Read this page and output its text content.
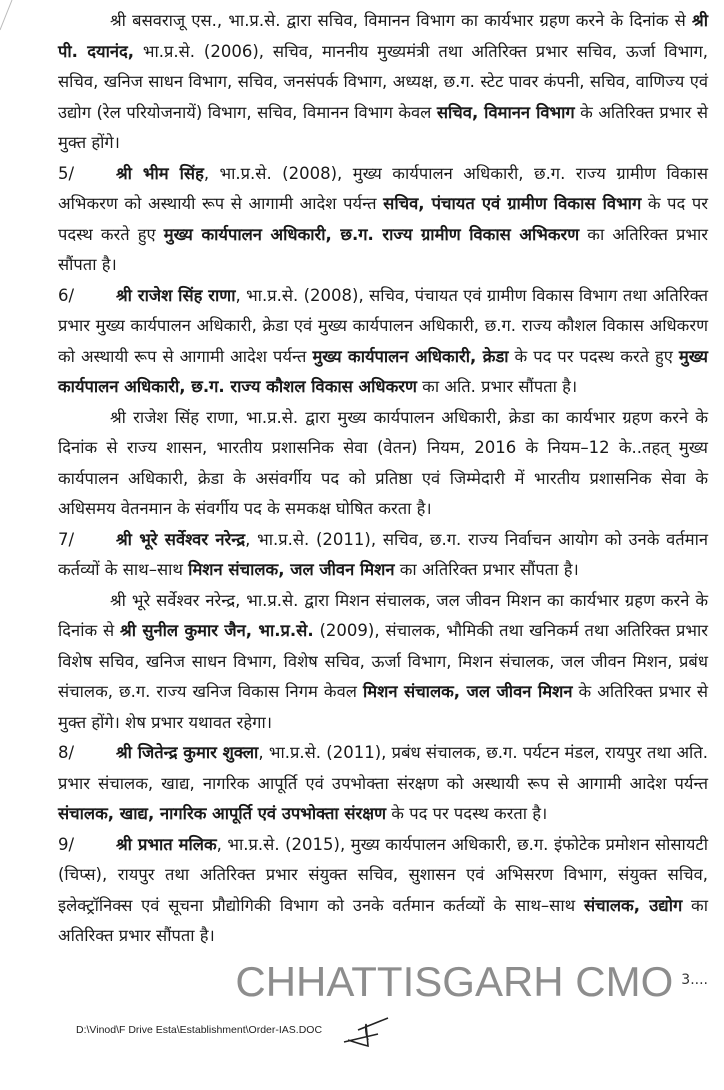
श्री बसवराजू एस., भा.प्र.से. द्वारा सचिव, विमानन विभाग का कार्यभार ग्रहण करने के दिनांक से श्री पी. दयानंद, भा.प्र.से. (2006), सचिव, माननीय मुख्यमंत्री तथा अतिरिक्त प्रभार सचिव, ऊर्जा विभाग, सचिव, खनिज साधन विभाग, सचिव, जनसंपर्क विभाग, अध्यक्ष, छ.ग. स्टेट पावर कंपनी, सचिव, वाणिज्य एवं उद्योग (रेल परियोजनायें) विभाग, सचिव, विमानन विभाग केवल सचिव, विमानन विभाग के अतिरिक्त प्रभार से मुक्त होंगे।

5/	श्री भीम सिंह, भा.प्र.से. (2008), मुख्य कार्यपालन अधिकारी, छ.ग. राज्य ग्रामीण विकास अभिकरण को अस्थायी रूप से आगामी आदेश पर्यन्त सचिव, पंचायत एवं ग्रामीण विकास विभाग के पद पर पदस्थ करते हुए मुख्य कार्यपालन अधिकारी, छ.ग. राज्य ग्रामीण विकास अभिकरण का अतिरिक्त प्रभार सौंपता है।

6/	श्री राजेश सिंह राणा, भा.प्र.से. (2008), सचिव, पंचायत एवं ग्रामीण विकास विभाग तथा अतिरिक्त प्रभार मुख्य कार्यपालन अधिकारी, क्रेडा एवं मुख्य कार्यपालन अधिकारी, छ.ग. राज्य कौशल विकास अधिकरण को अस्थायी रूप से आगामी आदेश पर्यन्त मुख्य कार्यपालन अधिकारी, क्रेडा के पद पर पदस्थ करते हुए मुख्य कार्यपालन अधिकारी, छ.ग. राज्य कौशल विकास अधिकरण का अति. प्रभार सौंपता है।

श्री राजेश सिंह राणा, भा.प्र.से. द्वारा मुख्य कार्यपालन अधिकारी, क्रेडा का कार्यभार ग्रहण करने के दिनांक से राज्य शासन, भारतीय प्रशासनिक सेवा (वेतन) नियम, 2016 के नियम–12 के..तहत् मुख्य कार्यपालन अधिकारी, क्रेडा के असंवर्गीय पद को प्रतिष्ठा एवं जिम्मेदारी में भारतीय प्रशासनिक सेवा के अधिसमय वेतनमान के संवर्गीय पद के समकक्ष घोषित करता है।

7/	श्री भूरे सर्वेश्वर नरेन्द्र, भा.प्र.से. (2011), सचिव, छ.ग. राज्य निर्वाचन आयोग को उनके वर्तमान कर्तव्यों के साथ–साथ मिशन संचालक, जल जीवन मिशन का अतिरिक्त प्रभार सौंपता है।

श्री भूरे सर्वेश्वर नरेन्द्र, भा.प्र.से. द्वारा मिशन संचालक, जल जीवन मिशन का कार्यभार ग्रहण करने के दिनांक से श्री सुनील कुमार जैन, भा.प्र.से. (2009), संचालक, भौमिकी तथा खनिकर्म तथा अतिरिक्त प्रभार विशेष सचिव, खनिज साधन विभाग, विशेष सचिव, ऊर्जा विभाग, मिशन संचालक, जल जीवन मिशन, प्रबंध संचालक, छ.ग. राज्य खनिज विकास निगम केवल मिशन संचालक, जल जीवन मिशन के अतिरिक्त प्रभार से मुक्त होंगे। शेष प्रभार यथावत रहेगा।

8/	श्री जितेन्द्र कुमार शुक्ला, भा.प्र.से. (2011), प्रबंध संचालक, छ.ग. पर्यटन मंडल, रायपुर तथा अति. प्रभार संचालक, खाद्य, नागरिक आपूर्ति एवं उपभोक्ता संरक्षण को अस्थायी रूप से आगामी आदेश पर्यन्त संचालक, खाद्य, नागरिक आपूर्ति एवं उपभोक्ता संरक्षण के पद पर पदस्थ करता है।

9/	श्री प्रभात मलिक, भा.प्र.से. (2015), मुख्य कार्यपालन अधिकारी, छ.ग. इंफोटेक प्रमोशन सोसायटी (चिप्स), रायपुर तथा अतिरिक्त प्रभार संयुक्त सचिव, सुशासन एवं अभिसरण विभाग, संयुक्त सचिव, इलेक्ट्रॉनिक्स एवं सूचना प्रौद्योगिकी विभाग को उनके वर्तमान कर्तव्यों के साथ–साथ संचालक, उद्योग का अतिरिक्त प्रभार सौंपता है।

CHHATTISGARH CMO 3....
D:\Vinod\F Drive Esta\Establishment\Order-IAS.DOC
